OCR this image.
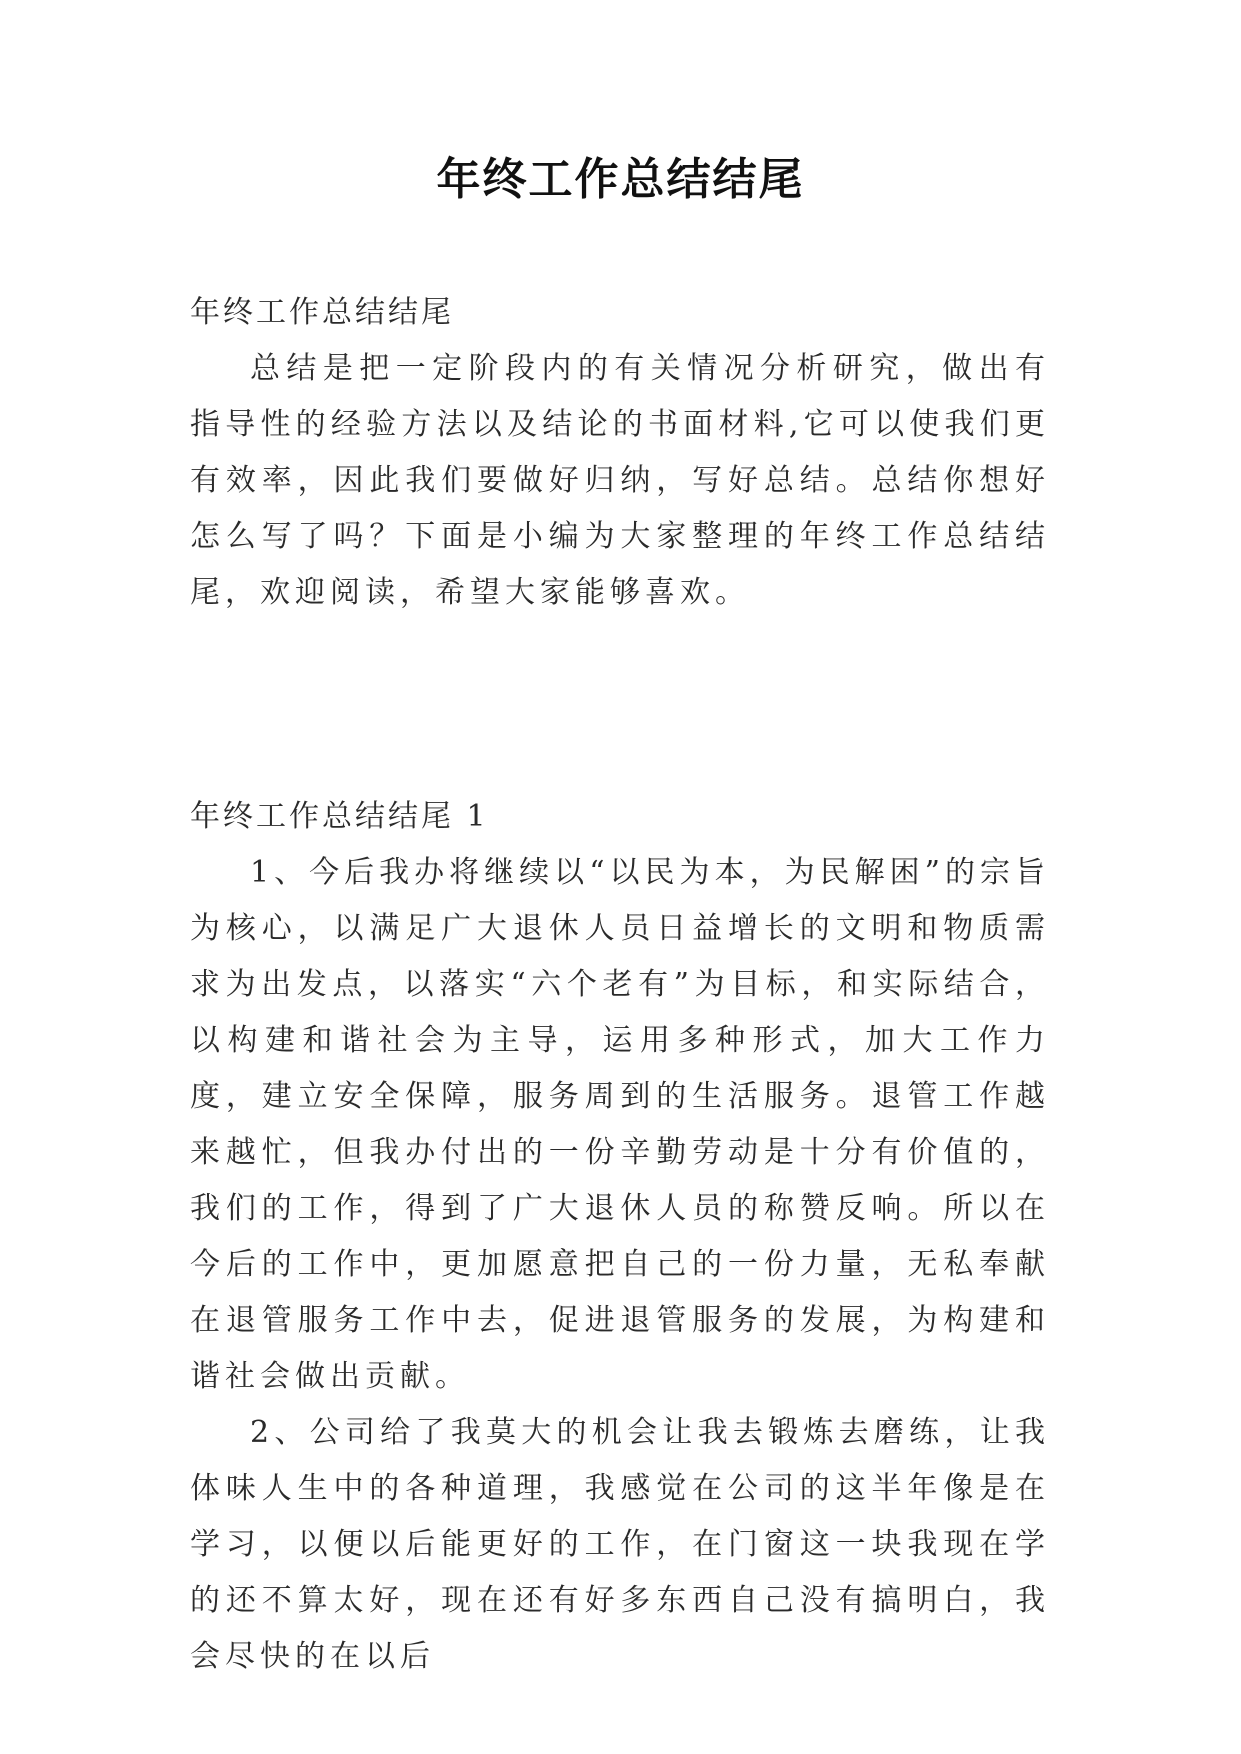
年终工作总结结尾

年终工作总结结尾

总结是把一定阶段内的有关情况分析研究，做出有指导性的经验方法以及结论的书面材料,它可以使我们更有效率，因此我们要做好归纳，写好总结。总结你想好怎么写了吗？下面是小编为大家整理的年终工作总结结尾，欢迎阅读，希望大家能够喜欢。

年终工作总结结尾 1

1、今后我办将继续以“以民为本，为民解困”的宗旨为核心，以满足广大退休人员日益增长的文明和物质需求为出发点，以落实“六个老有”为目标，和实际结合，以构建和谐社会为主导，运用多种形式，加大工作力度，建立安全保障，服务周到的生活服务。退管工作越来越忙，但我办付出的一份辛勤劳动是十分有价值的，我们的工作，得到了广大退休人员的称赞反响。所以在今后的工作中，更加愿意把自己的一份力量，无私奉献在退管服务工作中去，促进退管服务的发展，为构建和谐社会做出贡献。

2、公司给了我莫大的机会让我去锻炼去磨练，让我体味人生中的各种道理，我感觉在公司的这半年像是在学习，以便以后能更好的工作，在门窗这一块我现在学的还不算太好，现在还有好多东西自己没有搞明白，我会尽快的在以后
